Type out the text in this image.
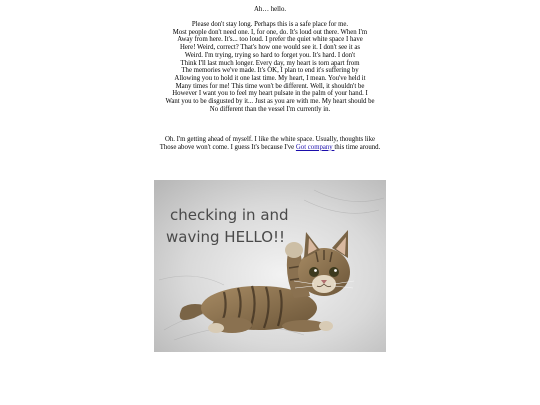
Ah… hello.
Please don't stay long. Perhaps this is a safe place for me.
Most people don't need one. I, for one, do. It's loud out there. When I'm
Away from here. It's... too loud. I prefer the quiet white space I have
Here! Weird, correct? That's how one would see it. I don't see it as
Weird. I'm trying, trying so hard to forget you. It's hard. I don't
Think I'll last much longer. Every day, my heart is torn apart from
The memories we've made. It's OK, I plan to end it's suffering by
Allowing you to hold it one last time. My heart, I mean. You've held it
Many times for me! This time won't be different. Well, it shouldn't be
However I want you to feel my heart pulsate in the palm of your hand. I
Want you to be disgusted by it... Just as you are with me. My heart should be
No different than the vessel I'm currently in.
Oh. I'm getting ahead of myself. I like the white space. Usually, thoughts like
Those above won't come. I guess It's because I've Got company this time around.
checking in and
waving HELLO!!
